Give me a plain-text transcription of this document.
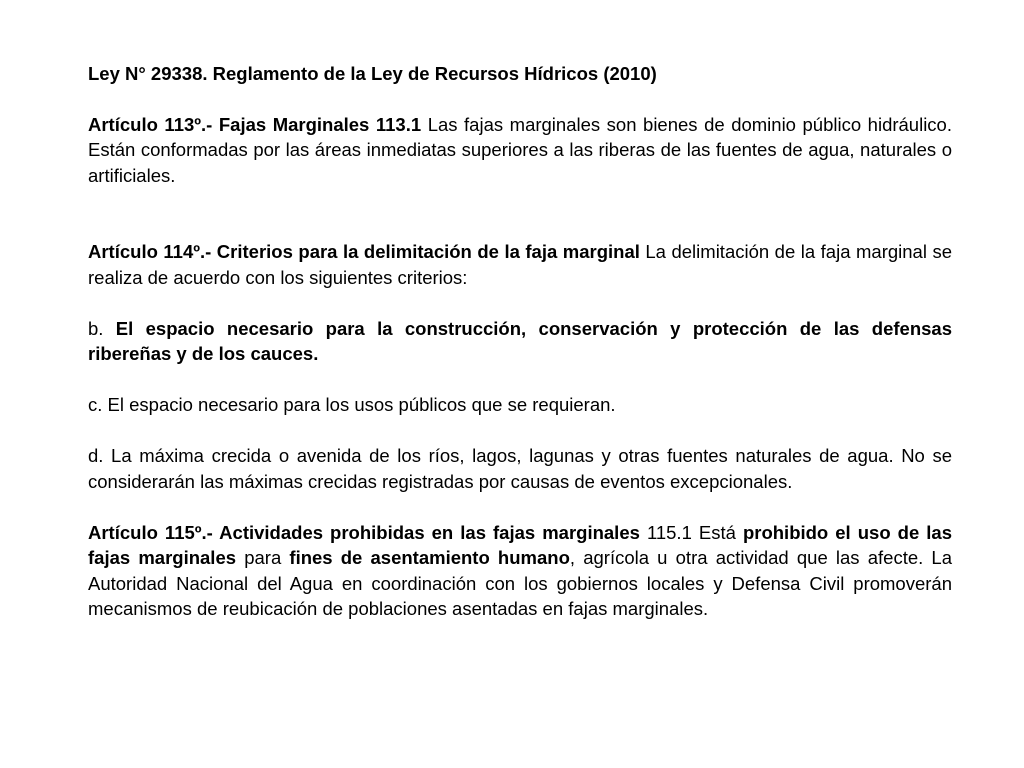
Ley N° 29338. Reglamento de la Ley de Recursos Hídricos (2010)

Artículo 113º.- Fajas Marginales 113.1 Las fajas marginales son bienes de dominio público hidráulico. Están conformadas por las áreas inmediatas superiores a las riberas de las fuentes de agua, naturales o artificiales.

Artículo 114º.- Criterios para la delimitación de la faja marginal La delimitación de la faja marginal se realiza de acuerdo con los siguientes criterios:

b. El espacio necesario para la construcción, conservación y protección de las defensas ribereñas y de los cauces.

c. El espacio necesario para los usos públicos que se requieran.

d. La máxima crecida o avenida de los ríos, lagos, lagunas y otras fuentes naturales de agua. No se considerarán las máximas crecidas registradas por causas de eventos excepcionales.

Artículo 115º.- Actividades prohibidas en las fajas marginales 115.1 Está prohibido el uso de las fajas marginales para fines de asentamiento humano, agrícola u otra actividad que las afecte. La Autoridad Nacional del Agua en coordinación con los gobiernos locales y Defensa Civil promoverán mecanismos de reubicación de poblaciones asentadas en fajas marginales.
